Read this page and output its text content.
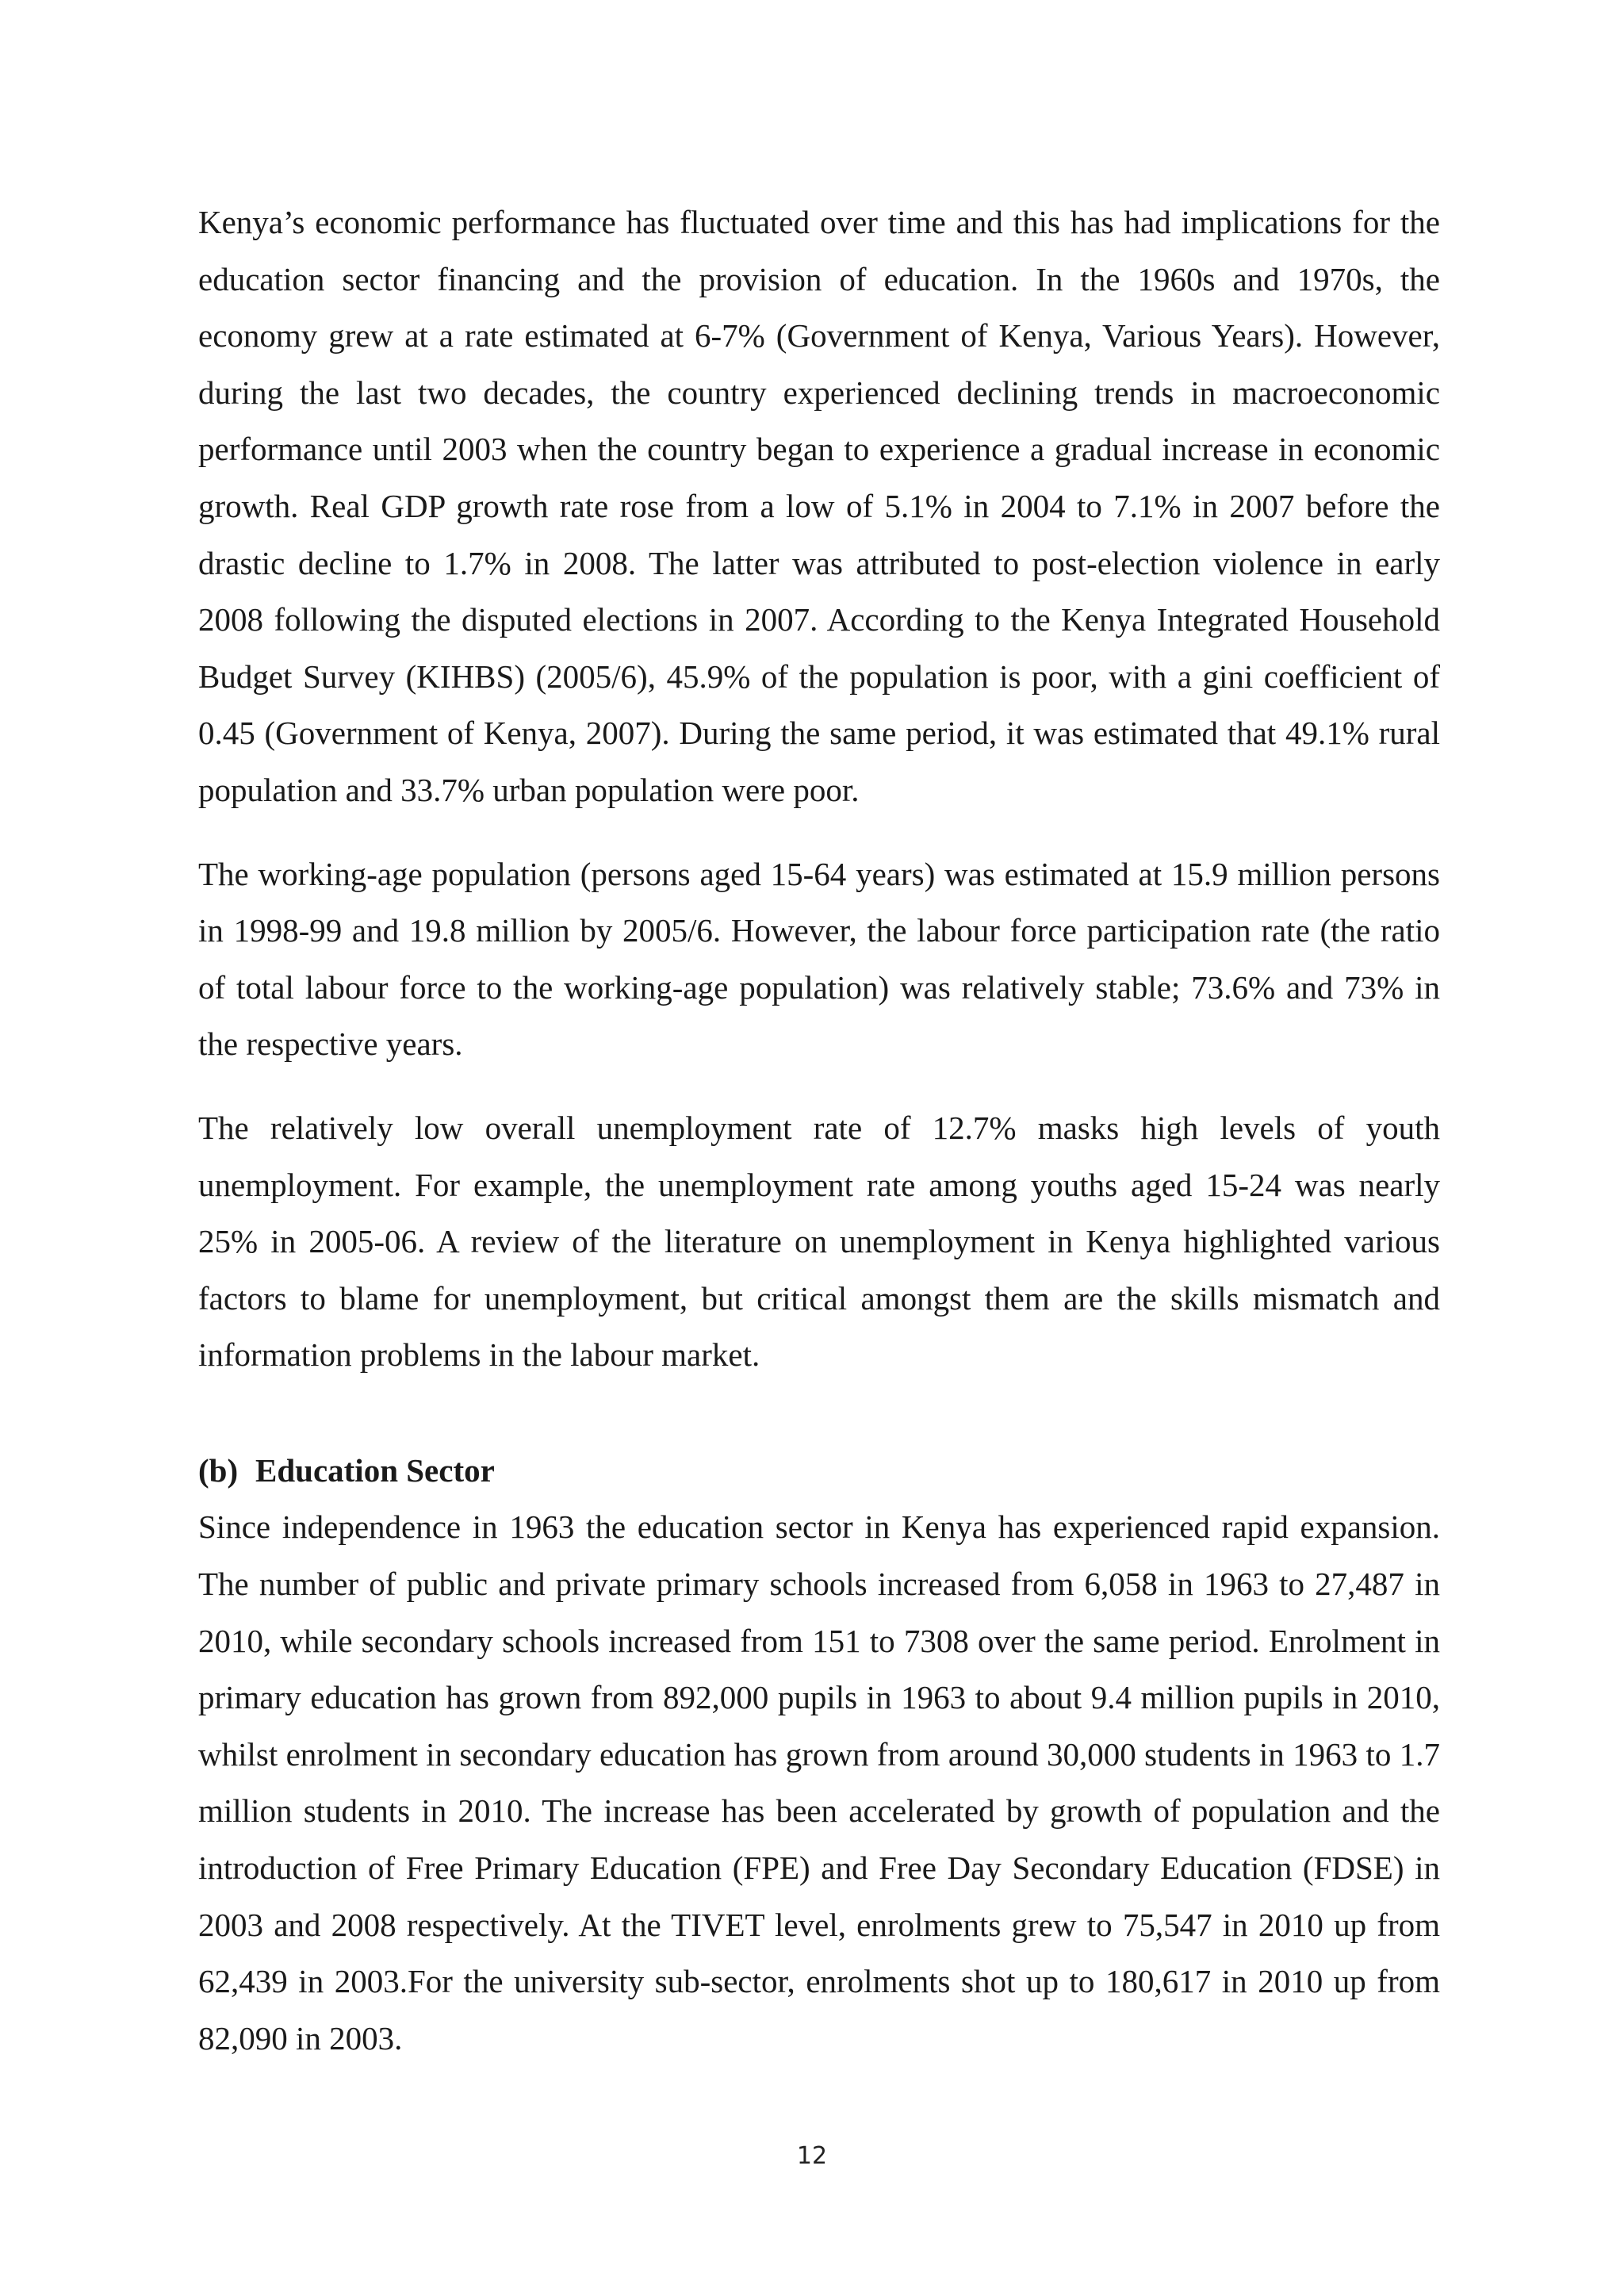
Kenya’s economic performance has fluctuated over time and this has had implications for the education sector financing and the provision of education. In the 1960s and 1970s, the economy grew at a rate estimated at 6-7% (Government of Kenya, Various Years). However, during the last two decades, the country experienced declining trends in macroeconomic performance until 2003 when the country began to experience a gradual increase in economic growth. Real GDP growth rate rose from a low of 5.1% in 2004 to 7.1% in 2007 before the drastic decline to 1.7% in 2008. The latter was attributed to post-election violence in early 2008 following the disputed elections in 2007. According to the Kenya Integrated Household Budget Survey (KIHBS) (2005/6), 45.9% of the population is poor, with a gini coefficient of 0.45 (Government of Kenya, 2007). During the same period, it was estimated that 49.1% rural population and 33.7% urban population were poor.

The working-age population (persons aged 15-64 years) was estimated at 15.9 million persons in 1998-99 and 19.8 million by 2005/6. However, the labour force participation rate (the ratio of total labour force to the working-age population) was relatively stable; 73.6% and 73% in the respective years.

The relatively low overall unemployment rate of 12.7% masks high levels of youth unemployment. For example, the unemployment rate among youths aged 15-24 was nearly 25% in 2005-06. A review of the literature on unemployment in Kenya highlighted various factors to blame for unemployment, but critical amongst them are the skills mismatch and information problems in the labour market.

(b) Education Sector

Since independence in 1963 the education sector in Kenya has experienced rapid expansion. The number of public and private primary schools increased from 6,058 in 1963 to 27,487 in 2010, while secondary schools increased from 151 to 7308 over the same period. Enrolment in primary education has grown from 892,000 pupils in 1963 to about 9.4 million pupils in 2010, whilst enrolment in secondary education has grown from around 30,000 students in 1963 to 1.7 million students in 2010. The increase has been accelerated by growth of population and the introduction of Free Primary Education (FPE) and Free Day Secondary Education (FDSE) in 2003 and 2008 respectively. At the TIVET level, enrolments grew to 75,547 in 2010 up from 62,439 in 2003.For the university sub-sector, enrolments shot up to 180,617 in 2010 up from 82,090 in 2003.

12
